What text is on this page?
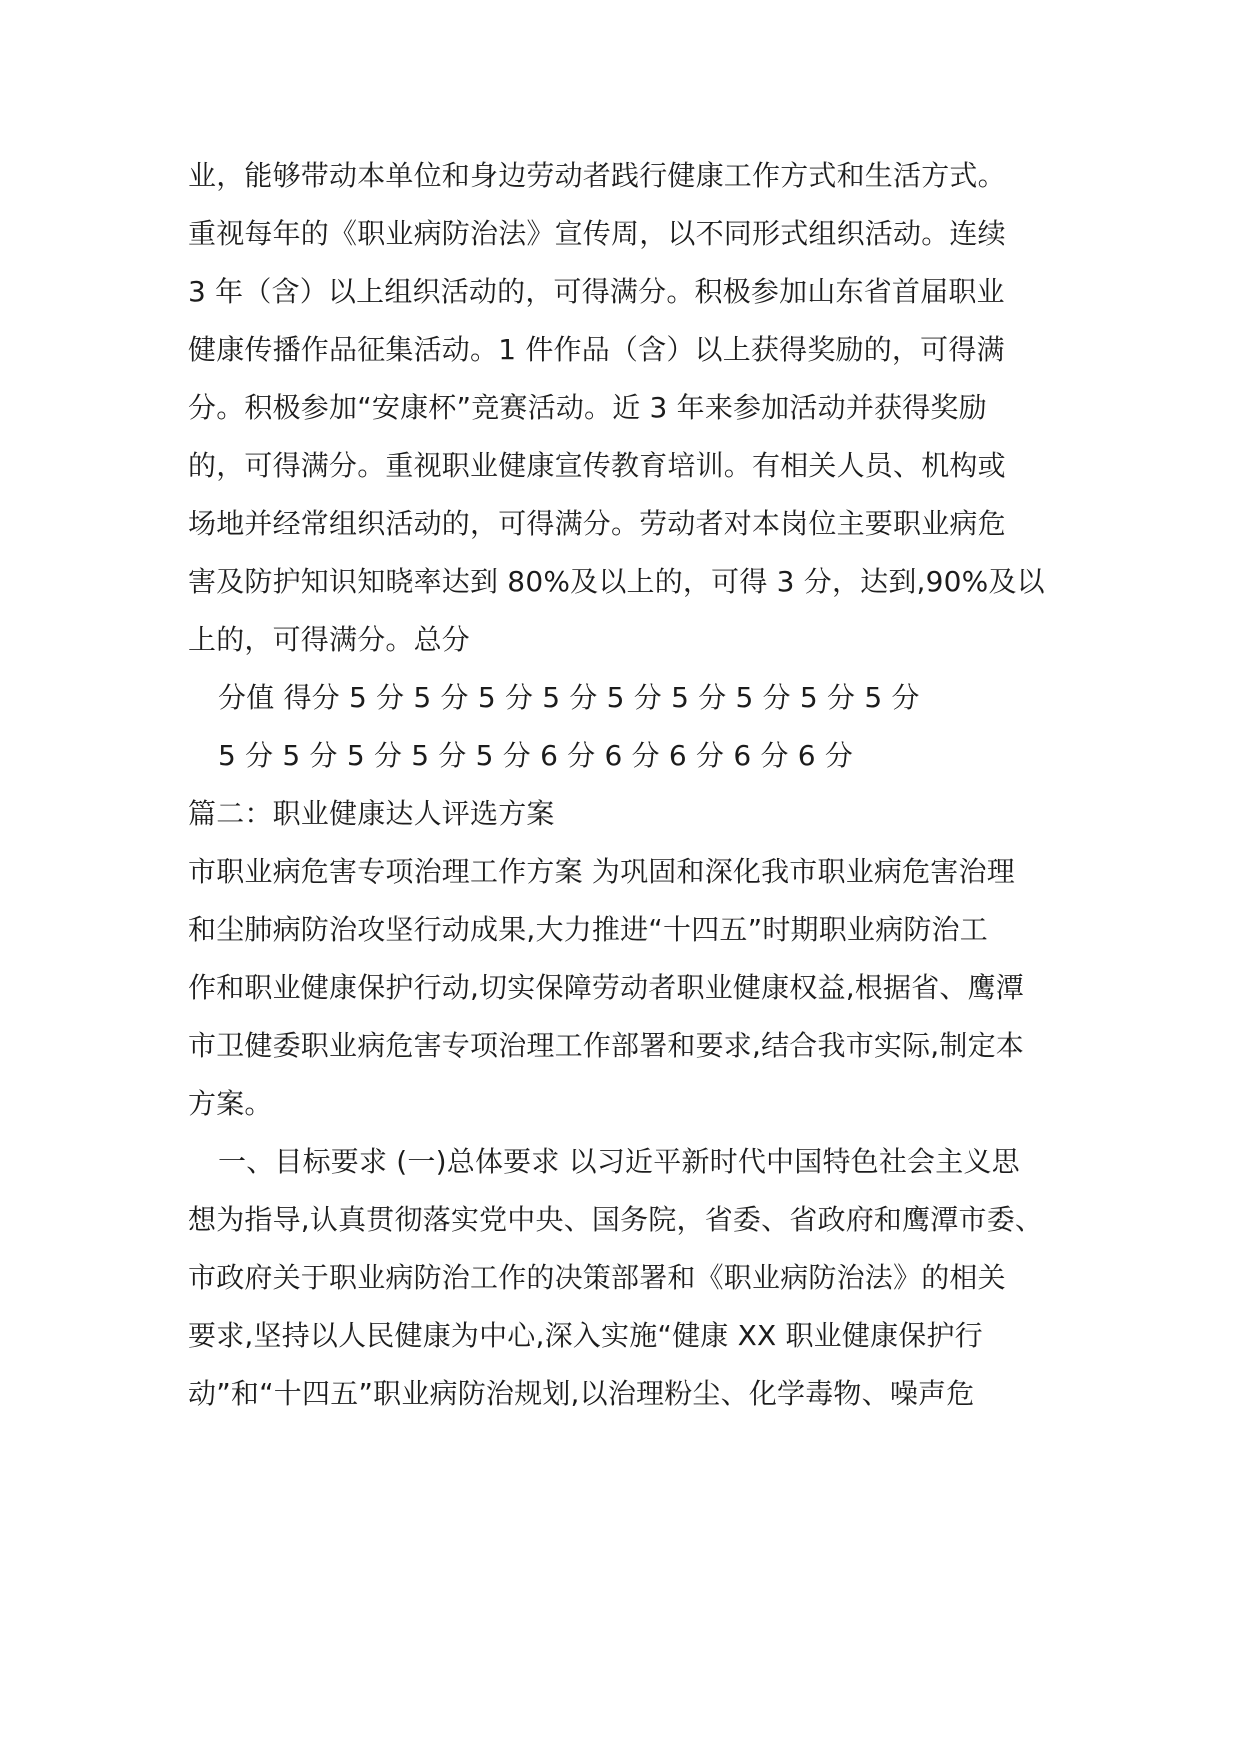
业，能够带动本单位和身边劳动者践行健康工作方式和生活方式。
重视每年的《职业病防治法》宣传周，以不同形式组织活动。连续
3 年（含）以上组织活动的，可得满分。积极参加山东省首届职业
健康传播作品征集活动。1 件作品（含）以上获得奖励的，可得满
分。积极参加“安康杯”竞赛活动。近 3 年来参加活动并获得奖励
的，可得满分。重视职业健康宣传教育培训。有相关人员、机构或
场地并经常组织活动的，可得满分。劳动者对本岗位主要职业病危
害及防护知识知晓率达到 80%及以上的，可得 3 分，达到,90%及以
上的，可得满分。总分
分值 得分 5 分 5 分 5 分 5 分 5 分 5 分 5 分 5 分 5 分
5 分 5 分 5 分 5 分 5 分 6 分 6 分 6 分 6 分 6 分
篇二：职业健康达人评选方案
市职业病危害专项治理工作方案 为巩固和深化我市职业病危害治理
和尘肺病防治攻坚行动成果,大力推进“十四五”时期职业病防治工
作和职业健康保护行动,切实保障劳动者职业健康权益,根据省、鹰潭
市卫健委职业病危害专项治理工作部署和要求,结合我市实际,制定本
方案。
一、目标要求 (一)总体要求 以习近平新时代中国特色社会主义思
想为指导,认真贯彻落实党中央、国务院，省委、省政府和鹰潭市委、
市政府关于职业病防治工作的决策部署和《职业病防治法》的相关
要求,坚持以人民健康为中心,深入实施“健康 XX 职业健康保护行
动”和“十四五”职业病防治规划,以治理粉尘、化学毒物、噪声危
